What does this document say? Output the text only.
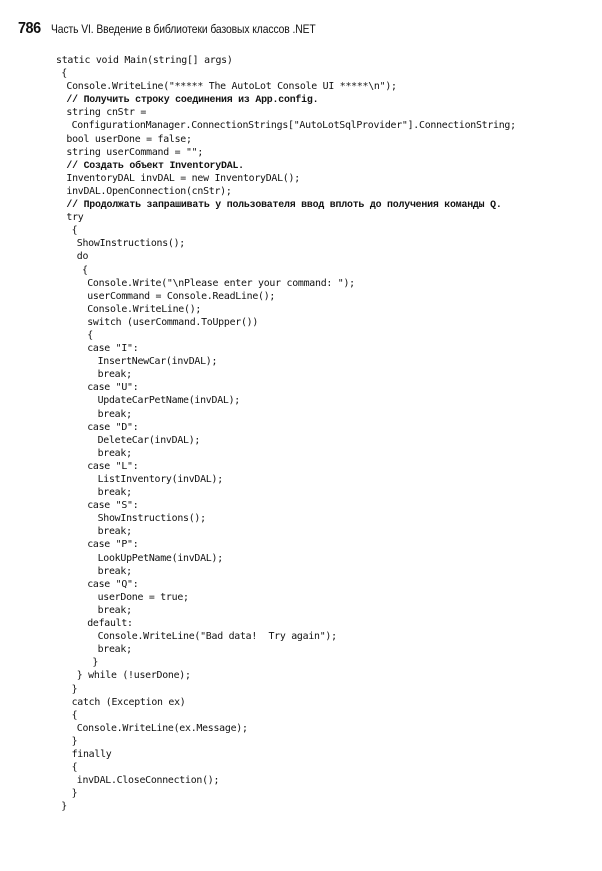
786 Часть VI. Введение в библиотеки базовых классов .NET
static void Main(string[] args)
{
Console.WriteLine("***** The AutoLot Console UI *****\n");
// Получить строку соединения из App.config.
string cnStr =
ConfigurationManager.ConnectionStrings["AutoLotSqlProvider"].ConnectionString;
bool userDone = false;
string userCommand = "";
// Создать объект InventoryDAL.
InventoryDAL invDAL = new InventoryDAL();
invDAL.OpenConnection(cnStr);
// Продолжать запрашивать у пользователя ввод вплоть до получения команды Q.
try
{
ShowInstructions();
do
{
Console.Write("\nPlease enter your command: ");
userCommand = Console.ReadLine();
Console.WriteLine();
switch (userCommand.ToUpper())
{
case "I":
InsertNewCar(invDAL);
break;
case "U":
UpdateCarPetName(invDAL);
break;
case "D":
DeleteCar(invDAL);
break;
case "L":
ListInventory(invDAL);
break;
case "S":
ShowInstructions();
break;
case "P":
LookUpPetName(invDAL);
break;
case "Q":
userDone = true;
break;
default:
Console.WriteLine("Bad data!  Try again");
break;
}
} while (!userDone);
}
catch (Exception ex)
{
Console.WriteLine(ex.Message);
}
finally
{
invDAL.CloseConnection();
}
}
